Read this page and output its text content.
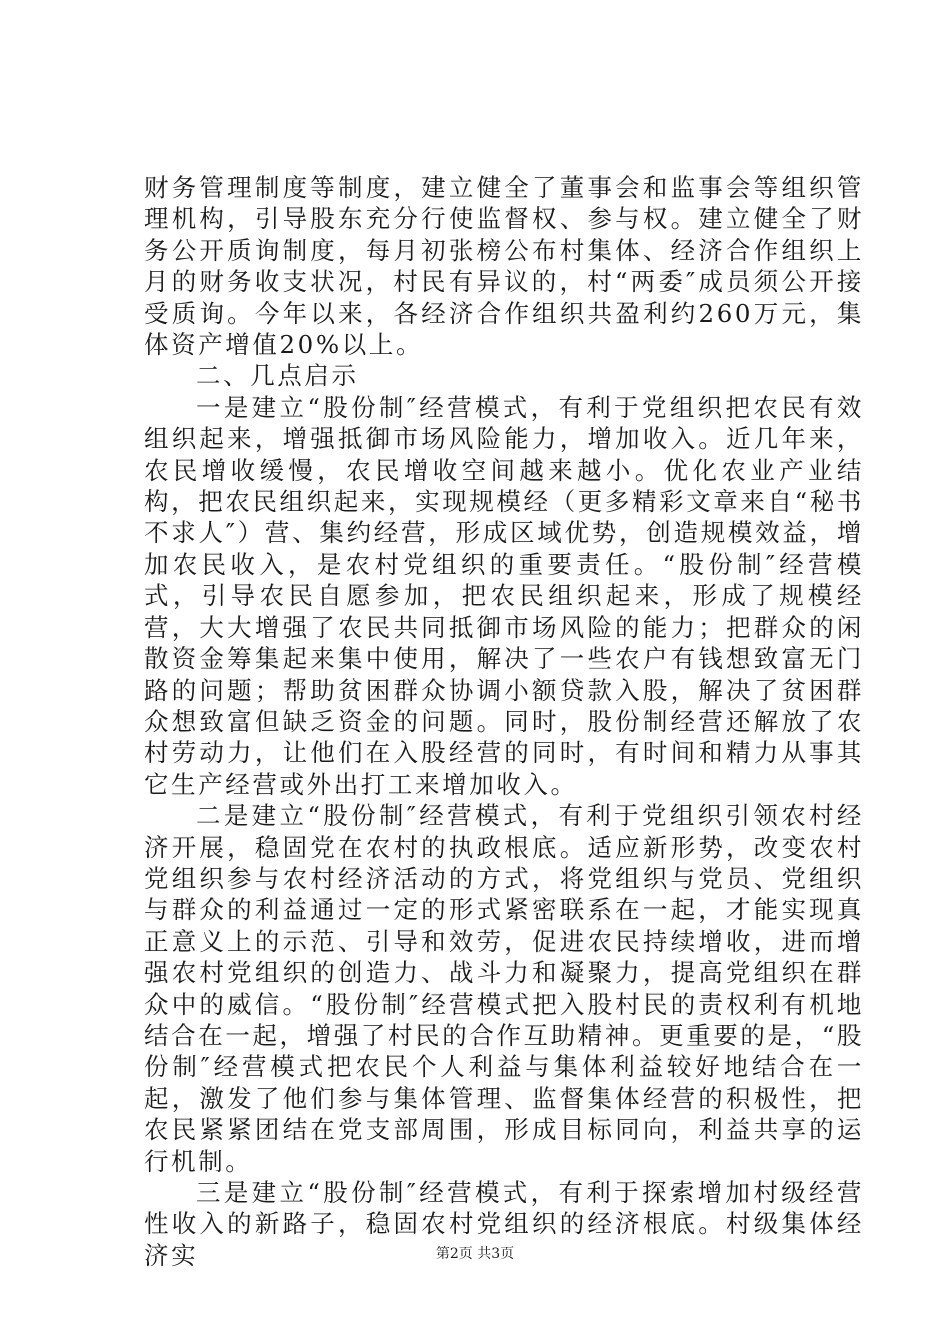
财务管理制度等制度，建立健全了董事会和监事会等组织管理机构，引导股东充分行使监督权、参与权。建立健全了财务公开质询制度，每月初张榜公布村集体、经济合作组织上月的财务收支状况，村民有异议的，村“两委″成员须公开接受质询。今年以来，各经济合作组织共盈利约260万元，集体资产增值20%以上。

二、几点启示

一是建立“股份制″经营模式，有利于党组织把农民有效组织起来，增强抵御市场风险能力，增加收入。近几年来，农民增收缓慢，农民增收空间越来越小。优化农业产业结构，把农民组织起来，实现规模经（更多精彩文章来自“秘书不求人″）营、集约经营，形成区域优势，创造规模效益，增加农民收入，是农村党组织的重要责任。“股份制″经营模式，引导农民自愿参加，把农民组织起来，形成了规模经营，大大增强了农民共同抵御市场风险的能力；把群众的闲散资金筹集起来集中使用，解决了一些农户有钱想致富无门路的问题；帮助贫困群众协调小额贷款入股，解决了贫困群众想致富但缺乏资金的问题。同时，股份制经营还解放了农村劳动力，让他们在入股经营的同时，有时间和精力从事其它生产经营或外出打工来增加收入。

二是建立“股份制″经营模式，有利于党组织引领农村经济开展，稳固党在农村的执政根底。适应新形势，改变农村党组织参与农村经济活动的方式，将党组织与党员、党组织与群众的利益通过一定的形式紧密联系在一起，才能实现真正意义上的示范、引导和效劳，促进农民持续增收，进而增强农村党组织的创造力、战斗力和凝聚力，提高党组织在群众中的威信。“股份制″经营模式把入股村民的责权利有机地结合在一起，增强了村民的合作互助精神。更重要的是，“股份制″经营模式把农民个人利益与集体利益较好地结合在一起，激发了他们参与集体管理、监督集体经营的积极性，把农民紧紧团结在党支部周围，形成目标同向，利益共享的运行机制。

三是建立“股份制″经营模式，有利于探索增加村级经营性收入的新路子，稳固农村党组织的经济根底。村级集体经济实	第2页 共3页
